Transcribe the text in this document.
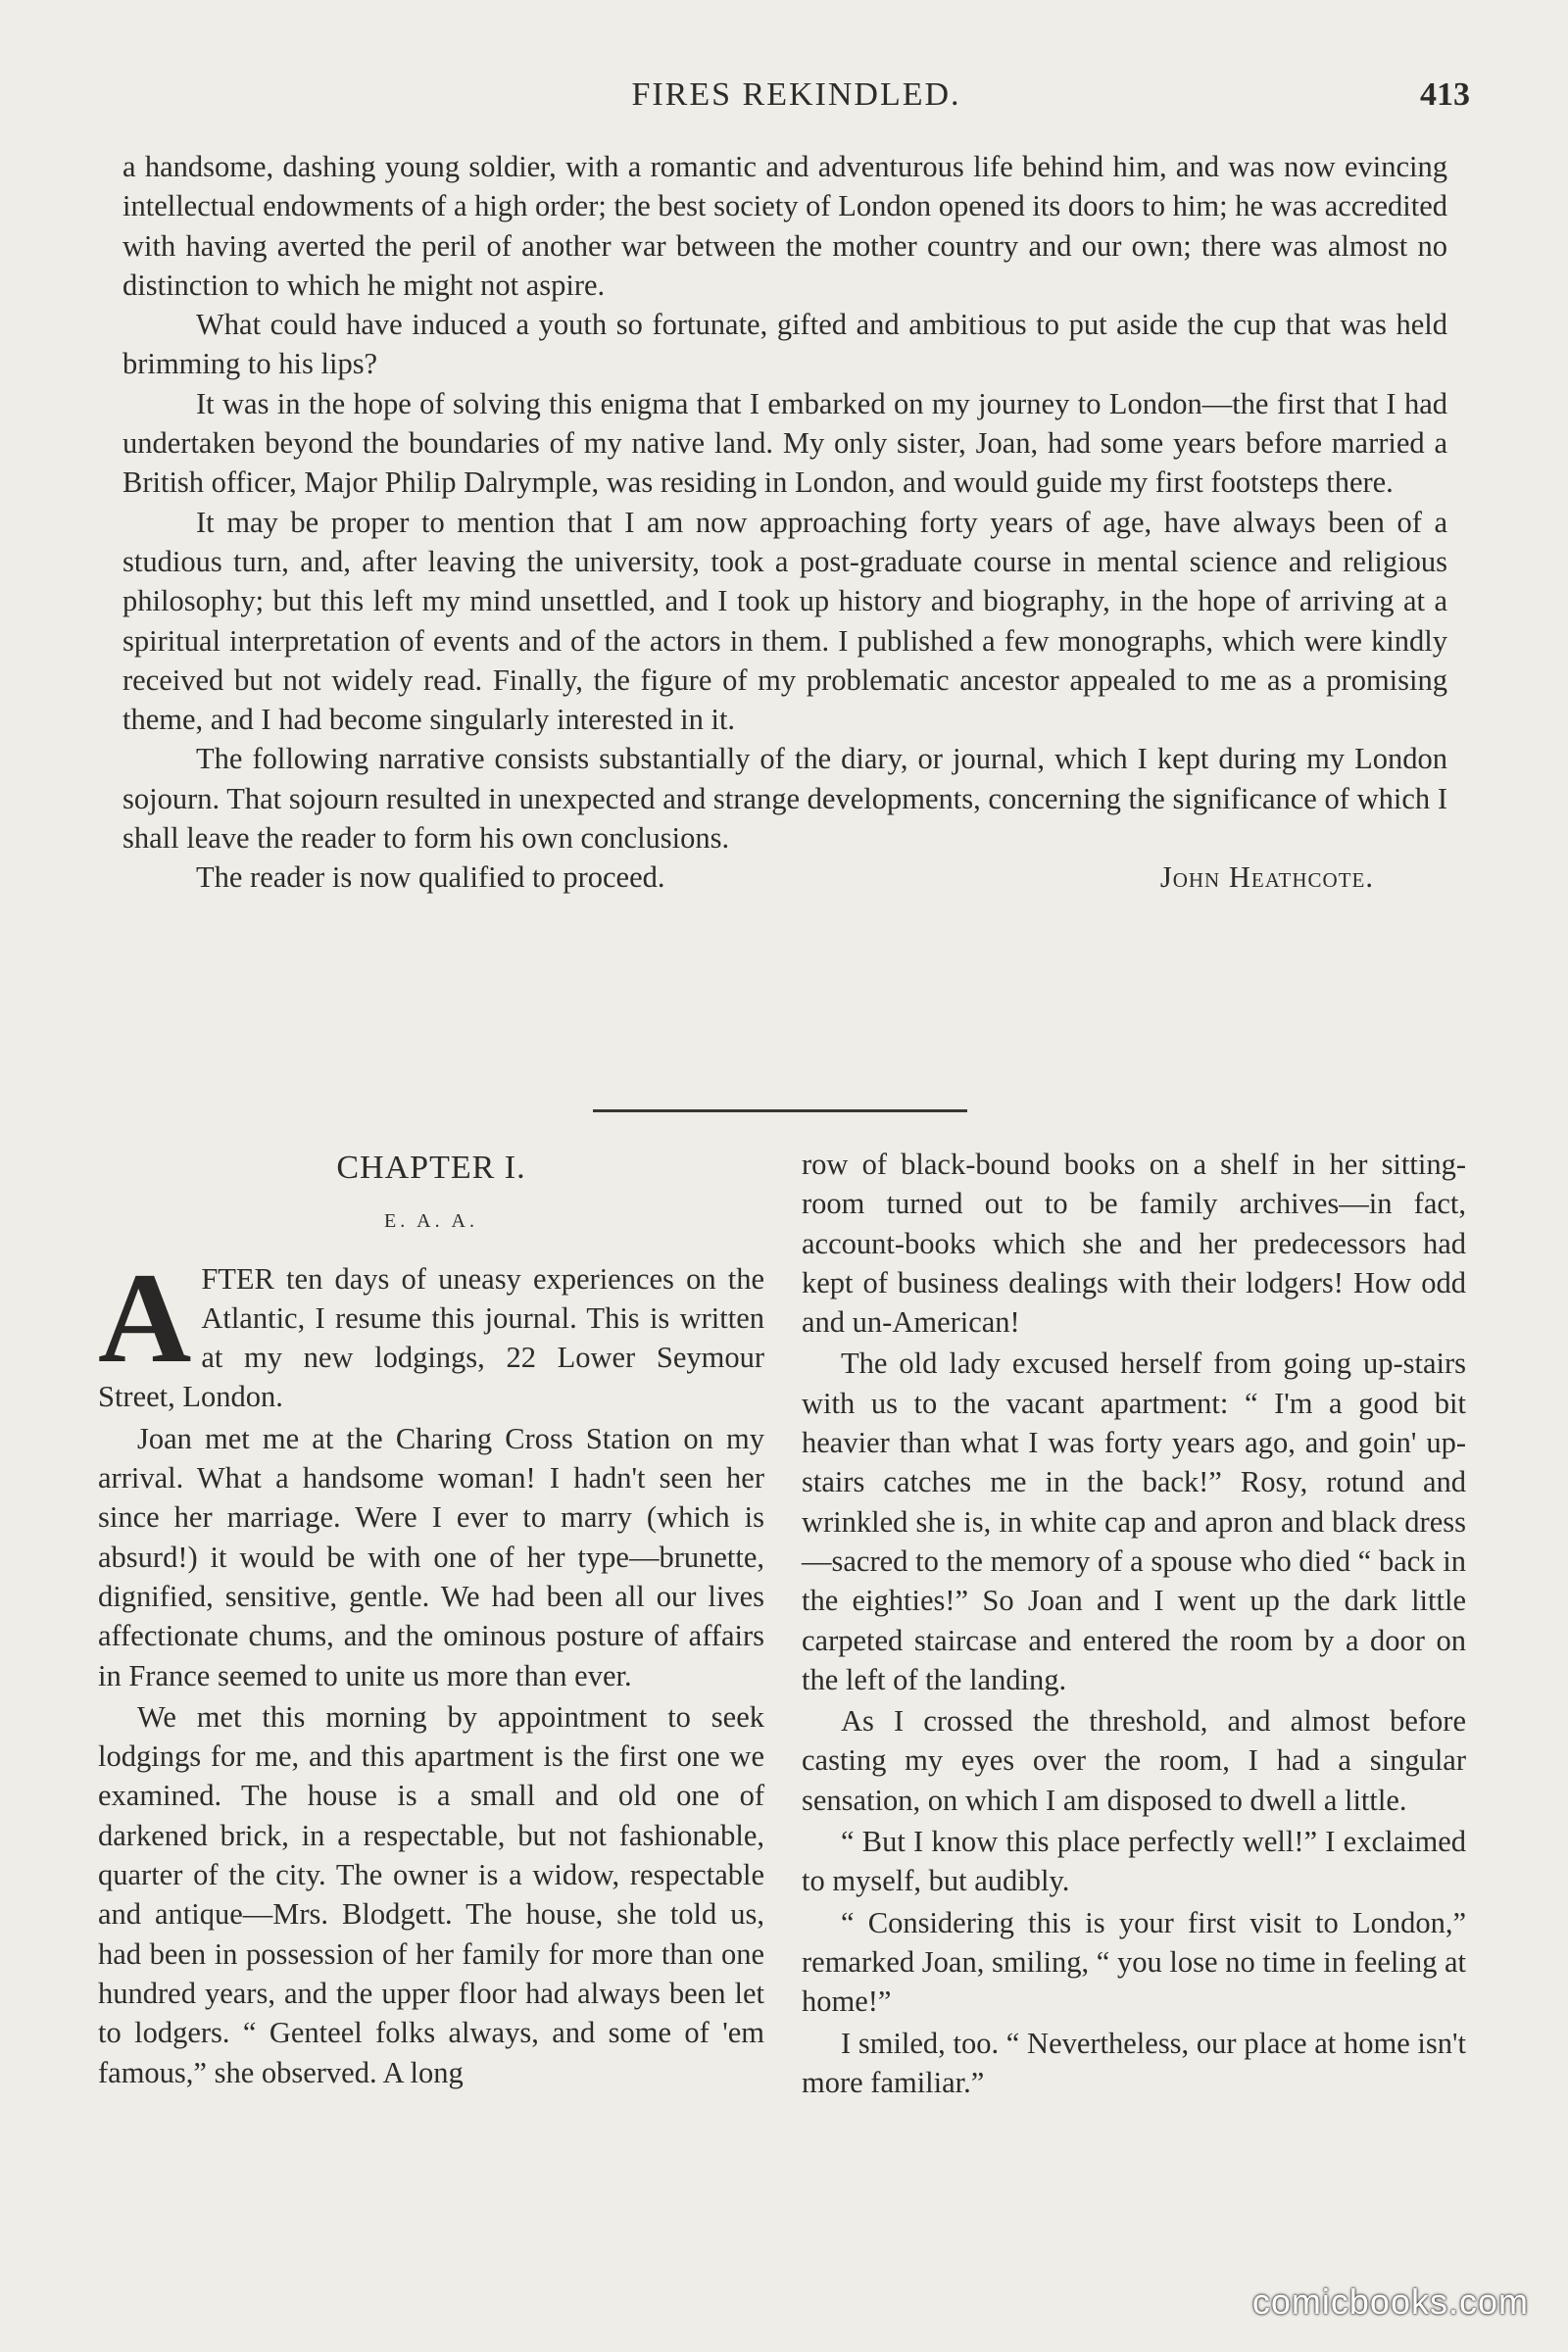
FIRES REKINDLED.	413

a handsome, dashing young soldier, with a romantic and adventurous life behind him, and was now evincing intellectual endowments of a high order; the best society of London opened its doors to him; he was accredited with having averted the peril of another war between the mother country and our own; there was almost no distinction to which he might not aspire.

What could have induced a youth so fortunate, gifted and ambitious to put aside the cup that was held brimming to his lips?

It was in the hope of solving this enigma that I embarked on my journey to London—the first that I had undertaken beyond the boundaries of my native land. My only sister, Joan, had some years before married a British officer, Major Philip Dalrymple, was residing in London, and would guide my first footsteps there.

It may be proper to mention that I am now approaching forty years of age, have always been of a studious turn, and, after leaving the university, took a post-graduate course in mental science and religious philosophy; but this left my mind unsettled, and I took up history and biography, in the hope of arriving at a spiritual interpretation of events and of the actors in them. I published a few monographs, which were kindly received but not widely read. Finally, the figure of my problematic ancestor appealed to me as a promising theme, and I had become singularly interested in it.

The following narrative consists substantially of the diary, or journal, which I kept during my London sojourn. That sojourn resulted in unexpected and strange developments, concerning the significance of which I shall leave the reader to form his own conclusions.

The reader is now qualified to proceed.	John Heathcote.
CHAPTER I.
E. A. A.

AFTER ten days of uneasy experiences on the Atlantic, I resume this journal. This is written at my new lodgings, 22 Lower Seymour Street, London.

Joan met me at the Charing Cross Station on my arrival. What a handsome woman! I hadn't seen her since her marriage. Were I ever to marry (which is absurd!) it would be with one of her type—brunette, dignified, sensitive, gentle. We had been all our lives affectionate chums, and the ominous posture of affairs in France seemed to unite us more than ever.

We met this morning by appointment to seek lodgings for me, and this apartment is the first one we examined. The house is a small and old one of darkened brick, in a respectable, but not fashionable, quarter of the city. The owner is a widow, respectable and antique—Mrs. Blodgett. The house, she told us, had been in possession of her family for more than one hundred years, and the upper floor had always been let to lodgers. “ Genteel folks always, and some of 'em famous,” she observed. A long

row of black-bound books on a shelf in her sitting-room turned out to be family archives—in fact, account-books which she and her predecessors had kept of business dealings with their lodgers! How odd and un-American!

The old lady excused herself from going up-stairs with us to the vacant apartment: “ I'm a good bit heavier than what I was forty years ago, and goin' up-stairs catches me in the back!” Rosy, rotund and wrinkled she is, in white cap and apron and black dress—sacred to the memory of a spouse who died “ back in the eighties!” So Joan and I went up the dark little carpeted staircase and entered the room by a door on the left of the landing.

As I crossed the threshold, and almost before casting my eyes over the room, I had a singular sensation, on which I am disposed to dwell a little.

“ But I know this place perfectly well!” I exclaimed to myself, but audibly.

“ Considering this is your first visit to London,” remarked Joan, smiling, “ you lose no time in feeling at home!”

I smiled, too. “ Nevertheless, our place at home isn't more familiar.”

comicbooks.com
